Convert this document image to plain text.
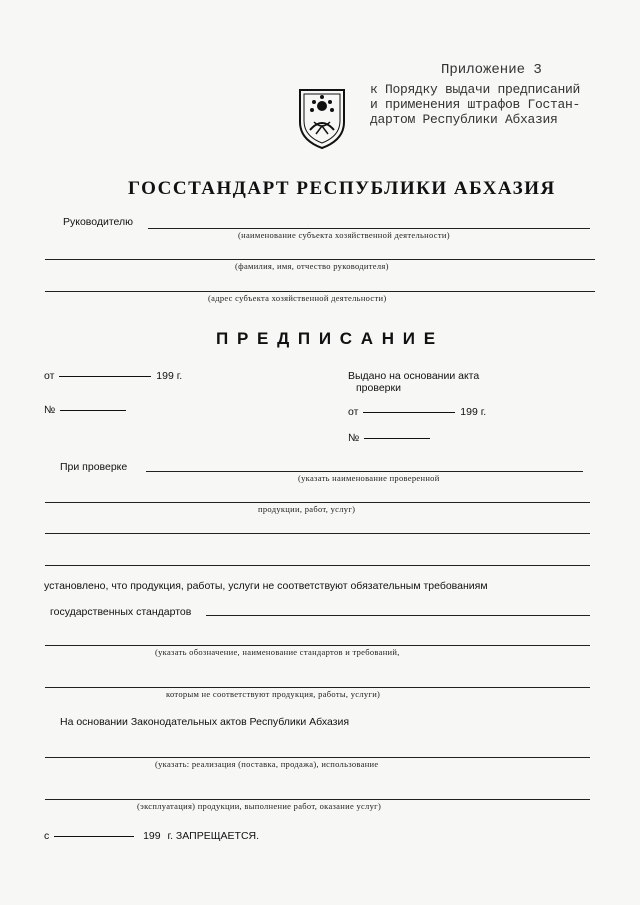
Приложение 3
к Порядку выдачи предписаний
и применения штрафов Гостан-
дартом Республики Абхазия
ГОССТАНДАРТ РЕСПУБЛИКИ АБХАЗИЯ
Руководителю
(наименование субъекта хозяйственной деятельности)
(фамилия, имя, отчество руководителя)
(адрес субъекта хозяйственной деятельности)
П Р Е Д П И С А Н И Е
от	199 г.
№
Выдано на основании акта
проверки
от	199 г.
№
При проверке
(указать наименование проверенной
продукции, работ, услуг)
установлено, что продукция, работы, услуги не соответствуют обязательным требованиям
государственных стандартов
(указать обозначение, наименование стандартов и требований,
которым не соответствуют продукция, работы, услуги)
На основании Законодательных актов Республики Абхазия
(указать: реализация (поставка, продажа), использование
(эксплуатация) продукции, выполнение работ, оказание услуг)
с	199 г. ЗАПРЕЩАЕТСЯ.
